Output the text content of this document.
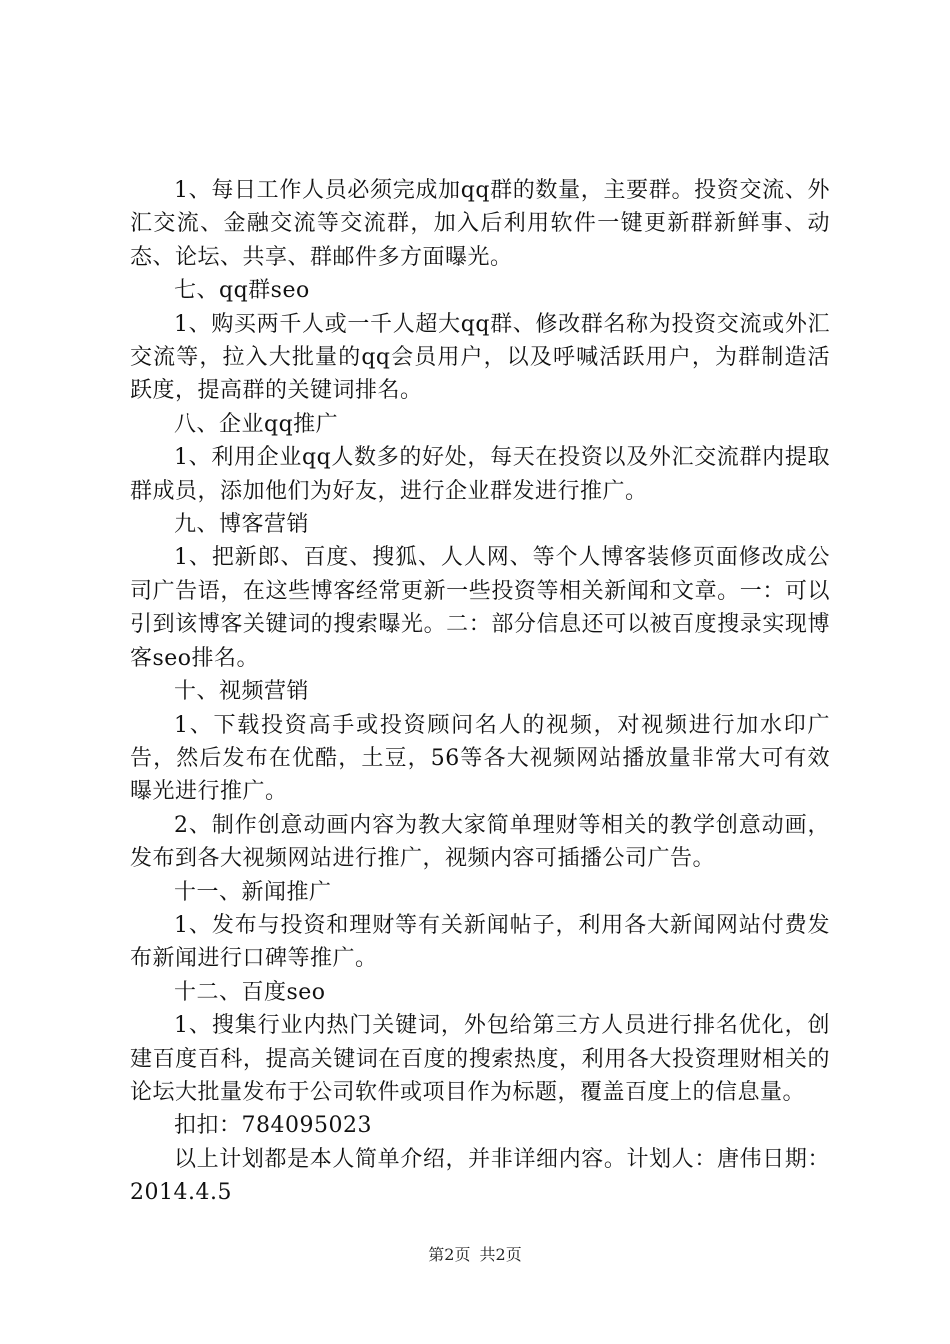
1、每日工作人员必须完成加qq群的数量，主要群。投资交流、外汇交流、金融交流等交流群，加入后利用软件一键更新群新鲜事、动态、论坛、共享、群邮件多方面曝光。

七、qq群seo

1、购买两千人或一千人超大qq群、修改群名称为投资交流或外汇交流等，拉入大批量的qq会员用户，以及呼喊活跃用户，为群制造活跃度，提高群的关键词排名。

八、企业qq推广

1、利用企业qq人数多的好处，每天在投资以及外汇交流群内提取群成员，添加他们为好友，进行企业群发进行推广。

九、博客营销

1、把新郎、百度、搜狐、人人网、等个人博客装修页面修改成公司广告语，在这些博客经常更新一些投资等相关新闻和文章。一：可以引到该博客关键词的搜索曝光。二：部分信息还可以被百度搜录实现博客seo排名。

十、视频营销

1、下载投资高手或投资顾问名人的视频，对视频进行加水印广告，然后发布在优酷，土豆，56等各大视频网站播放量非常大可有效曝光进行推广。

2、制作创意动画内容为教大家简单理财等相关的教学创意动画，发布到各大视频网站进行推广，视频内容可插播公司广告。

十一、新闻推广

1、发布与投资和理财等有关新闻帖子，利用各大新闻网站付费发布新闻进行口碑等推广。

十二、百度seo

1、搜集行业内热门关键词，外包给第三方人员进行排名优化，创建百度百科，提高关键词在百度的搜索热度，利用各大投资理财相关的论坛大批量发布于公司软件或项目作为标题，覆盖百度上的信息量。

扣扣：784095023

以上计划都是本人简单介绍，并非详细内容。计划人：唐伟日期：2014.4.5

第2页 共2页
